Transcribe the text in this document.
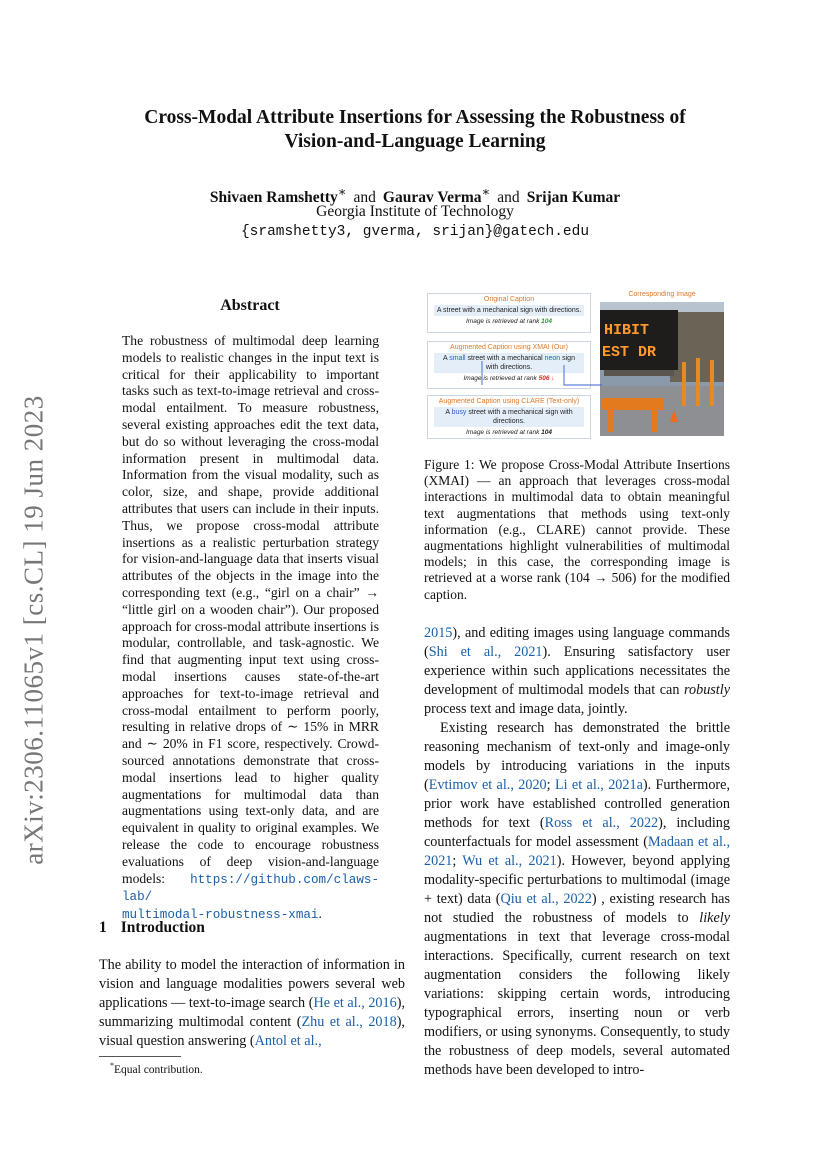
Cross-Modal Attribute Insertions for Assessing the Robustness of
Vision-and-Language Learning
Shivaen Ramshetty∗ and Gaurav Verma∗ and Srijan Kumar
Georgia Institute of Technology
{sramshetty3, gverma, srijan}@gatech.edu
arXiv:2306.11065v1 [cs.CL] 19 Jun 2023
Abstract
The robustness of multimodal deep learning models to realistic changes in the input text is critical for their applicability to important tasks such as text-to-image retrieval and cross-modal entailment. To measure robustness, several existing approaches edit the text data, but do so without leveraging the cross-modal information present in multimodal data. Information from the visual modality, such as color, size, and shape, provide additional attributes that users can include in their inputs. Thus, we propose cross-modal attribute insertions as a realistic perturbation strategy for vision-and-language data that inserts visual attributes of the objects in the image into the corresponding text (e.g., “girl on a chair” → “little girl on a wooden chair”). Our proposed approach for cross-modal attribute insertions is modular, controllable, and task-agnostic. We find that augmenting input text using cross-modal insertions causes state-of-the-art approaches for text-to-image retrieval and cross-modal entailment to perform poorly, resulting in relative drops of ∼ 15% in MRR and ∼ 20% in F1 score, respectively. Crowd-sourced annotations demonstrate that cross-modal insertions lead to higher quality augmentations for multimodal data than augmentations using text-only data, and are equivalent in quality to original examples. We release the code to encourage robustness evaluations of deep vision-and-language models: https://github.com/claws-lab/
multimodal-robustness-xmai.
1 Introduction
The ability to model the interaction of information in vision and language modalities powers several web applications — text-to-image search (He et al., 2016), summarizing multimodal content (Zhu et al., 2018), visual question answering (Antol et al.,
*Equal contribution.
Original Caption
A street with a mechanical sign with directions.
Image is retrieved at rank 104
Augmented Caption using XMAI (Our)
A small street with a mechanical neon sign with directions.
Image is retrieved at rank 506 ↓
Augmented Caption using CLARE (Text-only)
A busy street with a mechanical sign with directions.
Image is retrieved at rank 104
Corresponding Image
HIBIT
EST DR
Figure 1: We propose Cross-Modal Attribute Insertions (XMAI) — an approach that leverages cross-modal interactions in multimodal data to obtain meaningful text augmentations that methods using text-only information (e.g., CLARE) cannot provide. These augmentations highlight vulnerabilities of multimodal models; in this case, the corresponding image is retrieved at a worse rank (104 → 506) for the modified caption.

2015), and editing images using language commands (Shi et al., 2021). Ensuring satisfactory user experience within such applications necessitates the development of multimodal models that can robustly process text and image data, jointly.

Existing research has demonstrated the brittle reasoning mechanism of text-only and image-only models by introducing variations in the inputs (Evtimov et al., 2020; Li et al., 2021a). Furthermore, prior work have established controlled generation methods for text (Ross et al., 2022), including counterfactuals for model assessment (Madaan et al., 2021; Wu et al., 2021). However, beyond applying modality-specific perturbations to multimodal (image + text) data (Qiu et al., 2022) , existing research has not studied the robustness of models to likely augmentations in text that leverage cross-modal interactions. Specifically, current research on text augmentation considers the following likely variations: skipping certain words, introducing typographical errors, inserting noun or verb modifiers, or using synonyms. Consequently, to study the robustness of deep models, several automated methods have been developed to intro-
